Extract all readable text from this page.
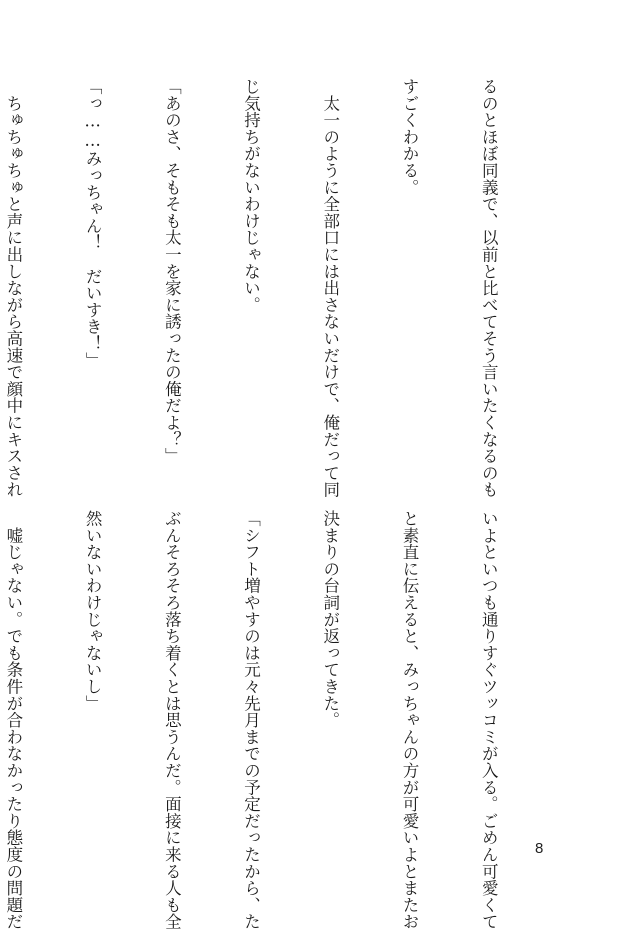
るのとほぼ同義で、以前と比べてそう言いたくなるのも

すごくわかる。

　太一のように全部口には出さないだけで、俺だって同

じ気持ちがないわけじゃない。

「あのさ、そもそも太一を家に誘ったの俺だよ？」

「っ……みっちゃん！　だいすき！」

　ちゅちゅちゅと声に出しながら高速で顔中にキスされ

いよといつも通りすぐツッコミが入る。ごめん可愛くて

と素直に伝えると、みっちゃんの方が可愛いよとまたお

決まりの台詞が返ってきた。

「シフト増やすのは元々先月までの予定だったから、た

ぶんそろそろ落ち着くとは思うんだ。面接に来る人も全

然いないわけじゃないし」

　嘘じゃない。でも条件が合わなかったり態度の問題だ

	8
